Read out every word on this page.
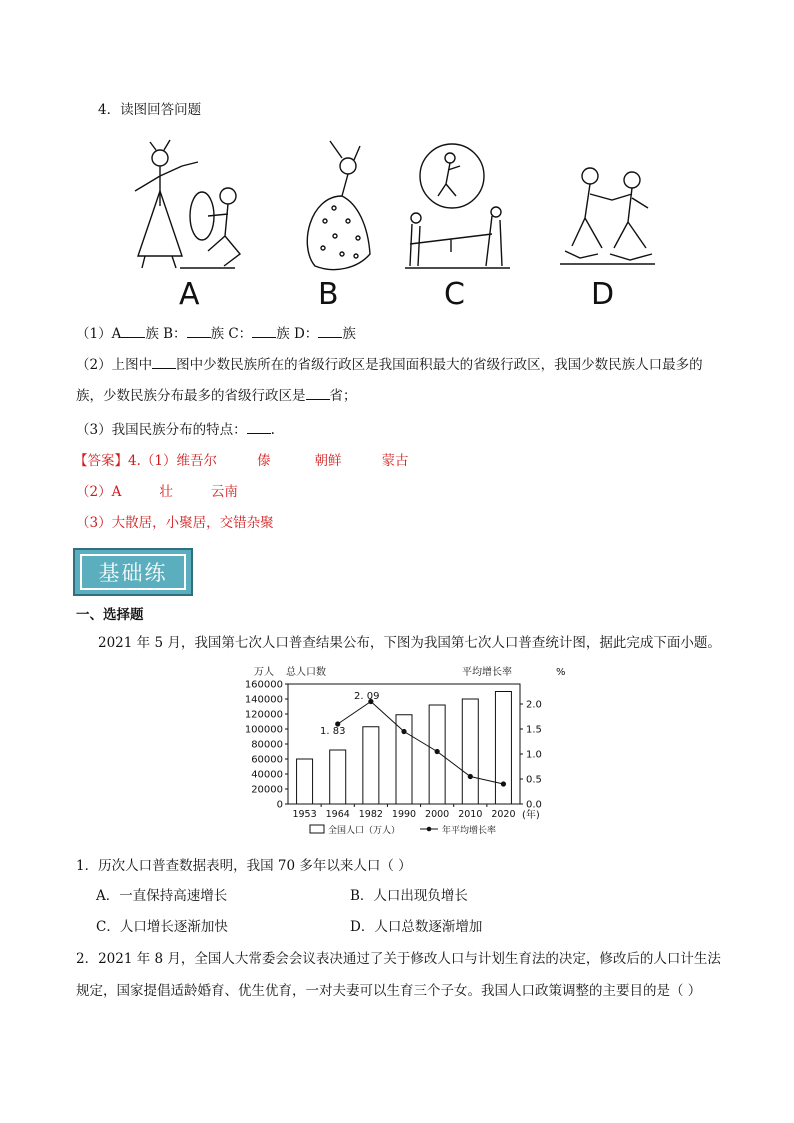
4．读图回答问题
A	B	C	D
（1）A 族 B： 族 C： 族 D： 族
（2）上图中 图中少数民族所在的省级行政区是我国面积最大的省级行政区，我国少数民族人口最多的
族，少数民族分布最多的省级行政区是 省；
（3）我国民族分布的特点： .
【答案】4.（1）维吾尔	傣	朝鲜	蒙古
（2）A	壮	云南
（3）大散居，小聚居，交错杂聚
基础练
一、选择题
2021 年 5 月，我国第七次人口普查结果公布，下图为我国第七次人口普查统计图，据此完成下面小题。
万人 总人口数	平均增长率	%
0
20000
40000
60000
80000
100000
120000
140000
160000
0.0
0.5
1.0
1.5
2.0
1953 1964 1982 1990 2000 2010 2020 (年)
1. 83
2. 09
全国人口（万人）	年平均增长率
1．历次人口普查数据表明，我国 70 多年以来人口（ ）
A．一直保持高速增长	B．人口出现负增长
C．人口增长逐渐加快	D．人口总数逐渐增加
2．2021 年 8 月，全国人大常委会会议表决通过了关于修改人口与计划生育法的决定，修改后的人口计生法
规定，国家提倡适龄婚育、优生优育，一对夫妻可以生育三个子女。我国人口政策调整的主要目的是（ ）
